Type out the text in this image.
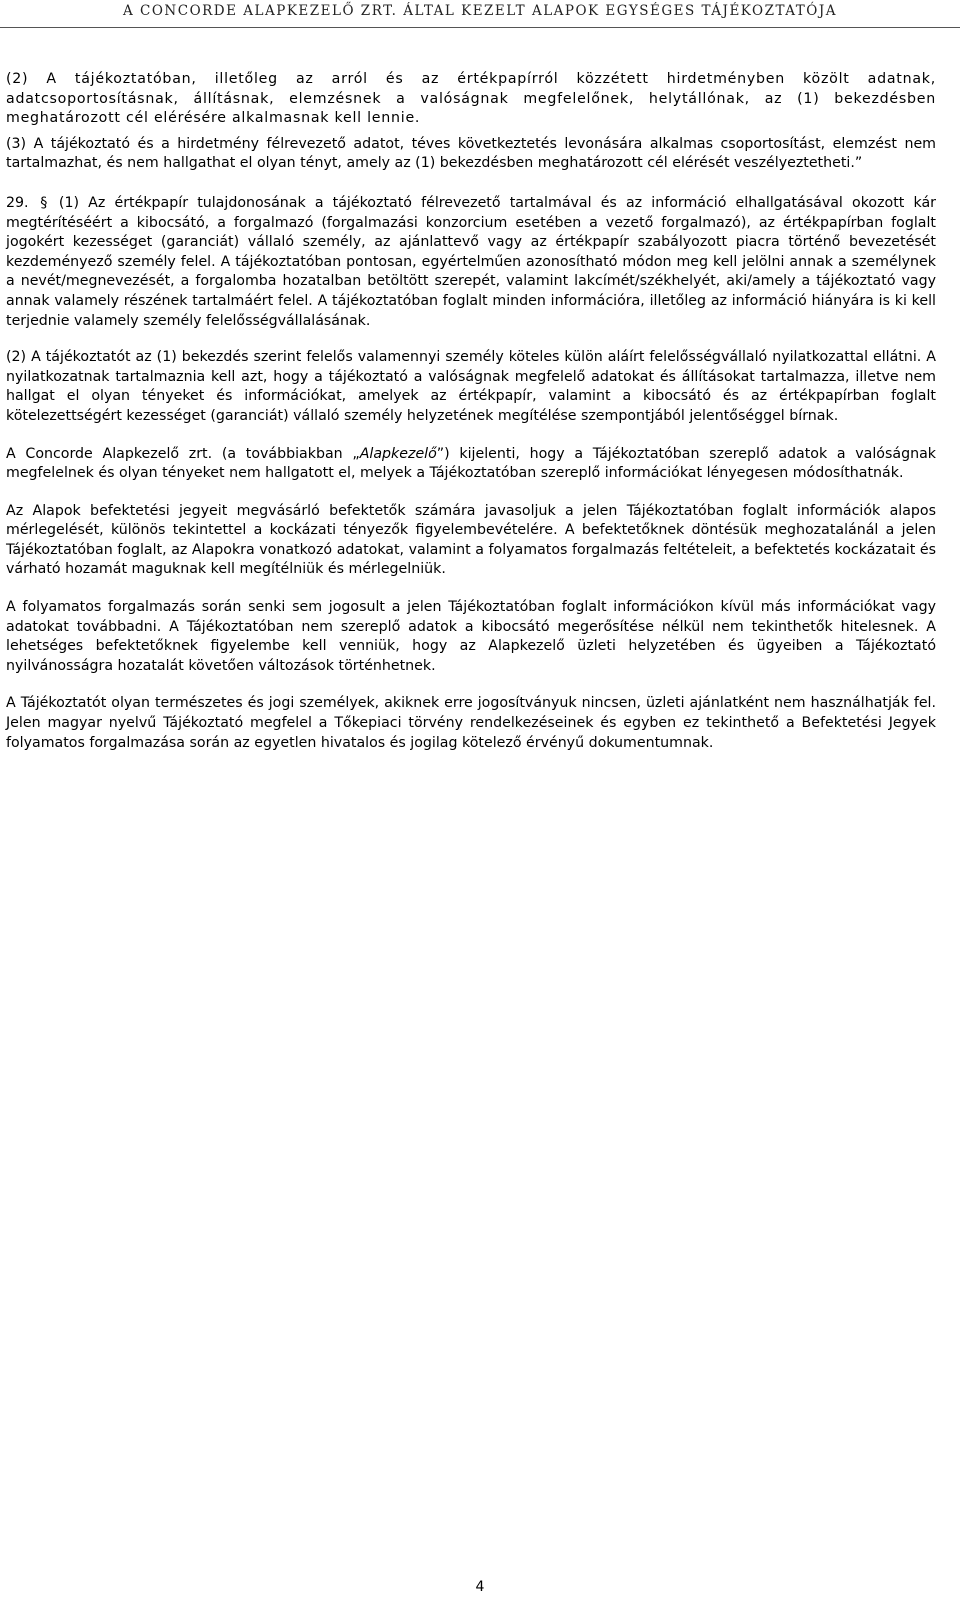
A CONCORDE ALAPKEZELŐ ZRT. ÁLTAL KEZELT ALAPOK EGYSÉGES TÁJÉKOZTATÓJA

(2) A tájékoztatóban, illetőleg az arról és az értékpapírról közzétett hirdetményben közölt adatnak, adatcsoportosításnak, állításnak, elemzésnek a valóságnak megfelelőnek, helytállónak, az (1) bekezdésben meghatározott cél elérésére alkalmasnak kell lennie.

(3) A tájékoztató és a hirdetmény félrevezető adatot, téves következtetés levonására alkalmas csoportosítást, elemzést nem tartalmazhat, és nem hallgathat el olyan tényt, amely az (1) bekezdésben meghatározott cél elérését veszélyeztetheti.”

29. § (1) Az értékpapír tulajdonosának a tájékoztató félrevezető tartalmával és az információ elhallgatásával okozott kár megtérítéséért a kibocsátó, a forgalmazó (forgalmazási konzorcium esetében a vezető forgalmazó), az értékpapírban foglalt jogokért kezességet (garanciát) vállaló személy, az ajánlattevő vagy az értékpapír szabályozott piacra történő bevezetését kezdeményező személy felel. A tájékoztatóban pontosan, egyértelműen azonosítható módon meg kell jelölni annak a személynek a nevét/megnevezését, a forgalomba hozatalban betöltött szerepét, valamint lakcímét/székhelyét, aki/amely a tájékoztató vagy annak valamely részének tartalmáért felel. A tájékoztatóban foglalt minden információra, illetőleg az információ hiányára is ki kell terjednie valamely személy felelősségvállalásának.

(2) A tájékoztatót az (1) bekezdés szerint felelős valamennyi személy köteles külön aláírt felelősségvállaló nyilatkozattal ellátni. A nyilatkozatnak tartalmaznia kell azt, hogy a tájékoztató a valóságnak megfelelő adatokat és állításokat tartalmazza, illetve nem hallgat el olyan tényeket és információkat, amelyek az értékpapír, valamint a kibocsátó és az értékpapírban foglalt kötelezettségért kezességet (garanciát) vállaló személy helyzetének megítélése szempontjából jelentőséggel bírnak.

A Concorde Alapkezelő zrt. (a továbbiakban „Alapkezelő”) kijelenti, hogy a Tájékoztatóban szereplő adatok a valóságnak megfelelnek és olyan tényeket nem hallgatott el, melyek a Tájékoztatóban szereplő információkat lényegesen módosíthatnák.

Az Alapok befektetési jegyeit megvásárló befektetők számára javasoljuk a jelen Tájékoztatóban foglalt információk alapos mérlegelését, különös tekintettel a kockázati tényezők figyelembevételére. A befektetőknek döntésük meghozatalánál a jelen Tájékoztatóban foglalt, az Alapokra vonatkozó adatokat, valamint a folyamatos forgalmazás feltételeit, a befektetés kockázatait és várható hozamát maguknak kell megítélniük és mérlegelniük.

A folyamatos forgalmazás során senki sem jogosult a jelen Tájékoztatóban foglalt információkon kívül más információkat vagy adatokat továbbadni. A Tájékoztatóban nem szereplő adatok a kibocsátó megerősítése nélkül nem tekinthetők hitelesnek. A lehetséges befektetőknek figyelembe kell venniük, hogy az Alapkezelő üzleti helyzetében és ügyeiben a Tájékoztató nyilvánosságra hozatalát követően változások történhetnek.

A Tájékoztatót olyan természetes és jogi személyek, akiknek erre jogosítványuk nincsen, üzleti ajánlatként nem használhatják fel. Jelen magyar nyelvű Tájékoztató megfelel a Tőkepiaci törvény rendelkezéseinek és egyben ez tekinthető a Befektetési Jegyek folyamatos forgalmazása során az egyetlen hivatalos és jogilag kötelező érvényű dokumentumnak.

4
